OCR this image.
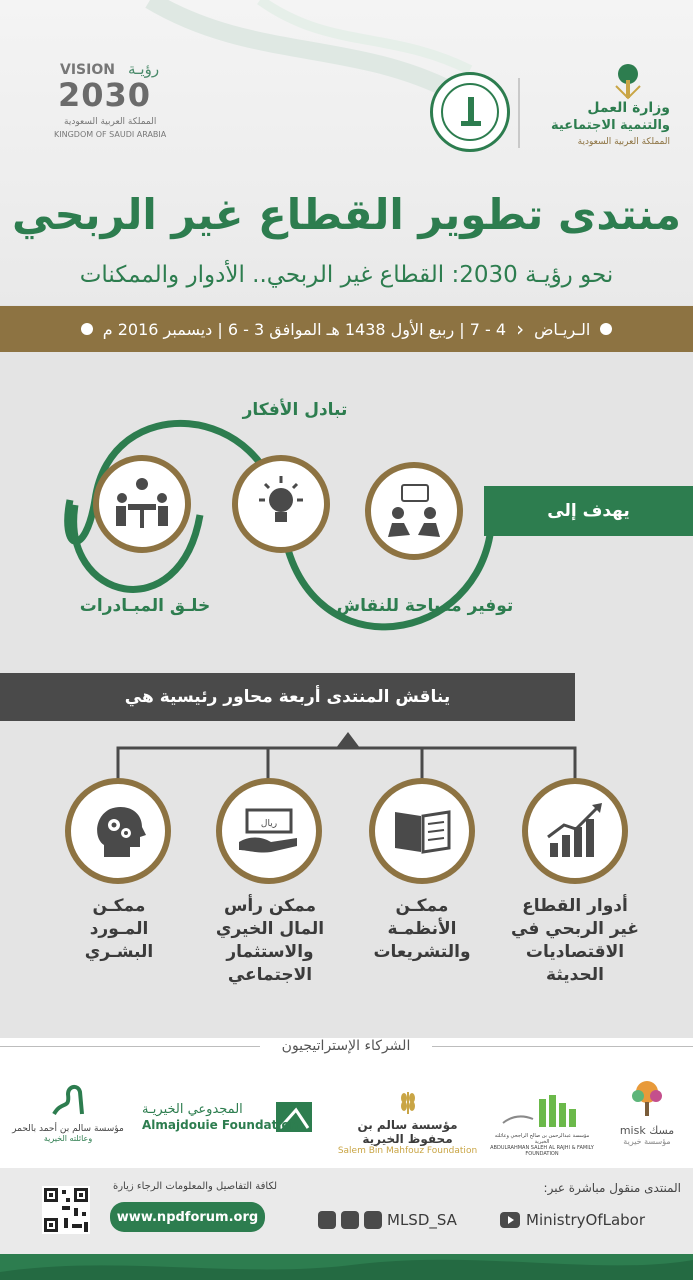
VISION رؤيـة
2030
المملكة العربية السعودية
KINGDOM OF SAUDI ARABIA
وزارة العمل
والتنمية الاجتماعية
المملكة العربية السعودية
منتدى تطوير القطاع غير الربحي
نحو رؤيـة 2030: القطاع غير الربحي.. الأدوار والممكنات
الـريـاض
‹
4 - 7 | ربيع الأول 1438 هـ الموافق 3 - 6 | ديسمبر 2016 م
يهدف إلى
تبادل الأفكار
توفير مساحة للنقاش
خلـق المبـادرات
يناقش المنتدى أربعة محاور رئيسية هي
ريال
أدوار القطاع
غير الربحي في
الاقتصاديات
الحديثة
ممكـن
الأنظمـة
والتشريعات
ممكن رأس
المال الخيري
والاستثمار
الاجتماعي
ممكـن
المـورد
البشـري
الشركاء الإستراتيجيون
misk مسك
مؤسسة خيرية
مؤسسة عبدالرحمن بن صالح الراجحي وعائلته الخيرية
ABDULRAHMAN SALEH AL RAJHI & FAMILY FOUNDATION
مؤسسة سالم بن محفوظ الخيرية
Salem Bin Mahfouz Foundation
المجدوعي الخيريـة
Almajdouie Foundation
مؤسسة سالم بن أحمد بالحمر
وعائلته الخيرية
المنتدى منقول مباشرة عبر:
MinistryOfLabor
MLSD_SA
لكافة التفاصيل والمعلومات الرجاء زيارة
www.npdforum.org
